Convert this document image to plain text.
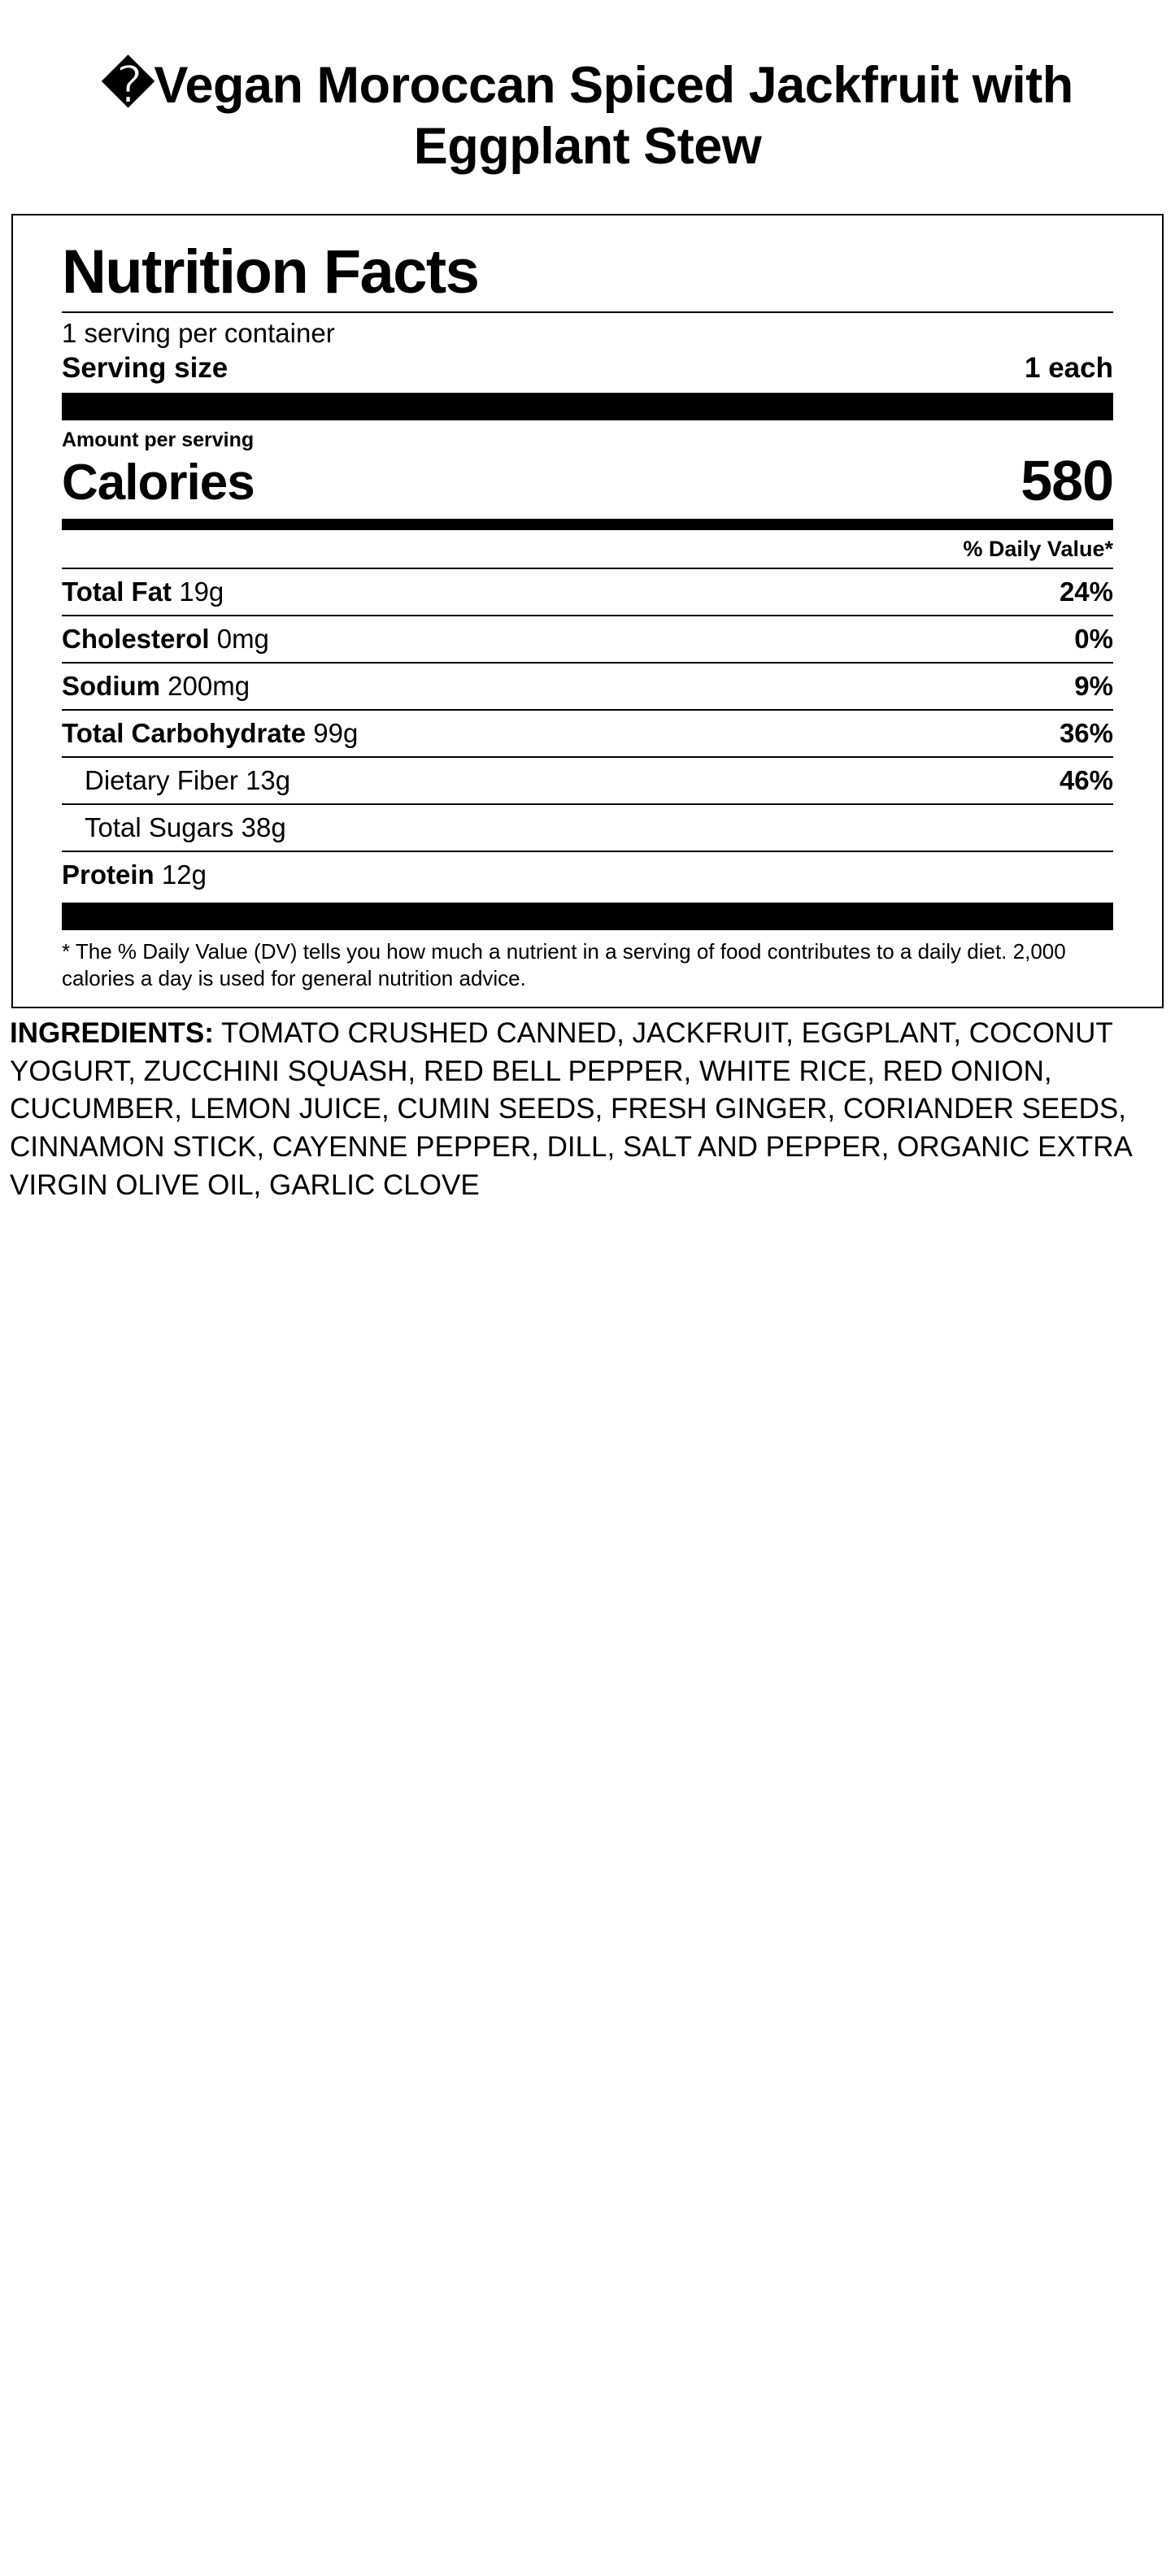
�Vegan Moroccan Spiced Jackfruit with Eggplant Stew
Nutrition Facts
1 serving per container
Serving size	1 each
Amount per serving
Calories	580
% Daily Value*
Total Fat 19g	24%
Cholesterol 0mg	0%
Sodium 200mg	9%
Total Carbohydrate 99g	36%
Dietary Fiber 13g	46%
Total Sugars 38g
Protein 12g
* The % Daily Value (DV) tells you how much a nutrient in a serving of food contributes to a daily diet. 2,000 calories a day is used for general nutrition advice.
INGREDIENTS: TOMATO CRUSHED CANNED, JACKFRUIT, EGGPLANT, COCONUT YOGURT, ZUCCHINI SQUASH, RED BELL PEPPER, WHITE RICE, RED ONION, CUCUMBER, LEMON JUICE, CUMIN SEEDS, FRESH GINGER, CORIANDER SEEDS, CINNAMON STICK, CAYENNE PEPPER, DILL, SALT AND PEPPER, ORGANIC EXTRA VIRGIN OLIVE OIL, GARLIC CLOVE
